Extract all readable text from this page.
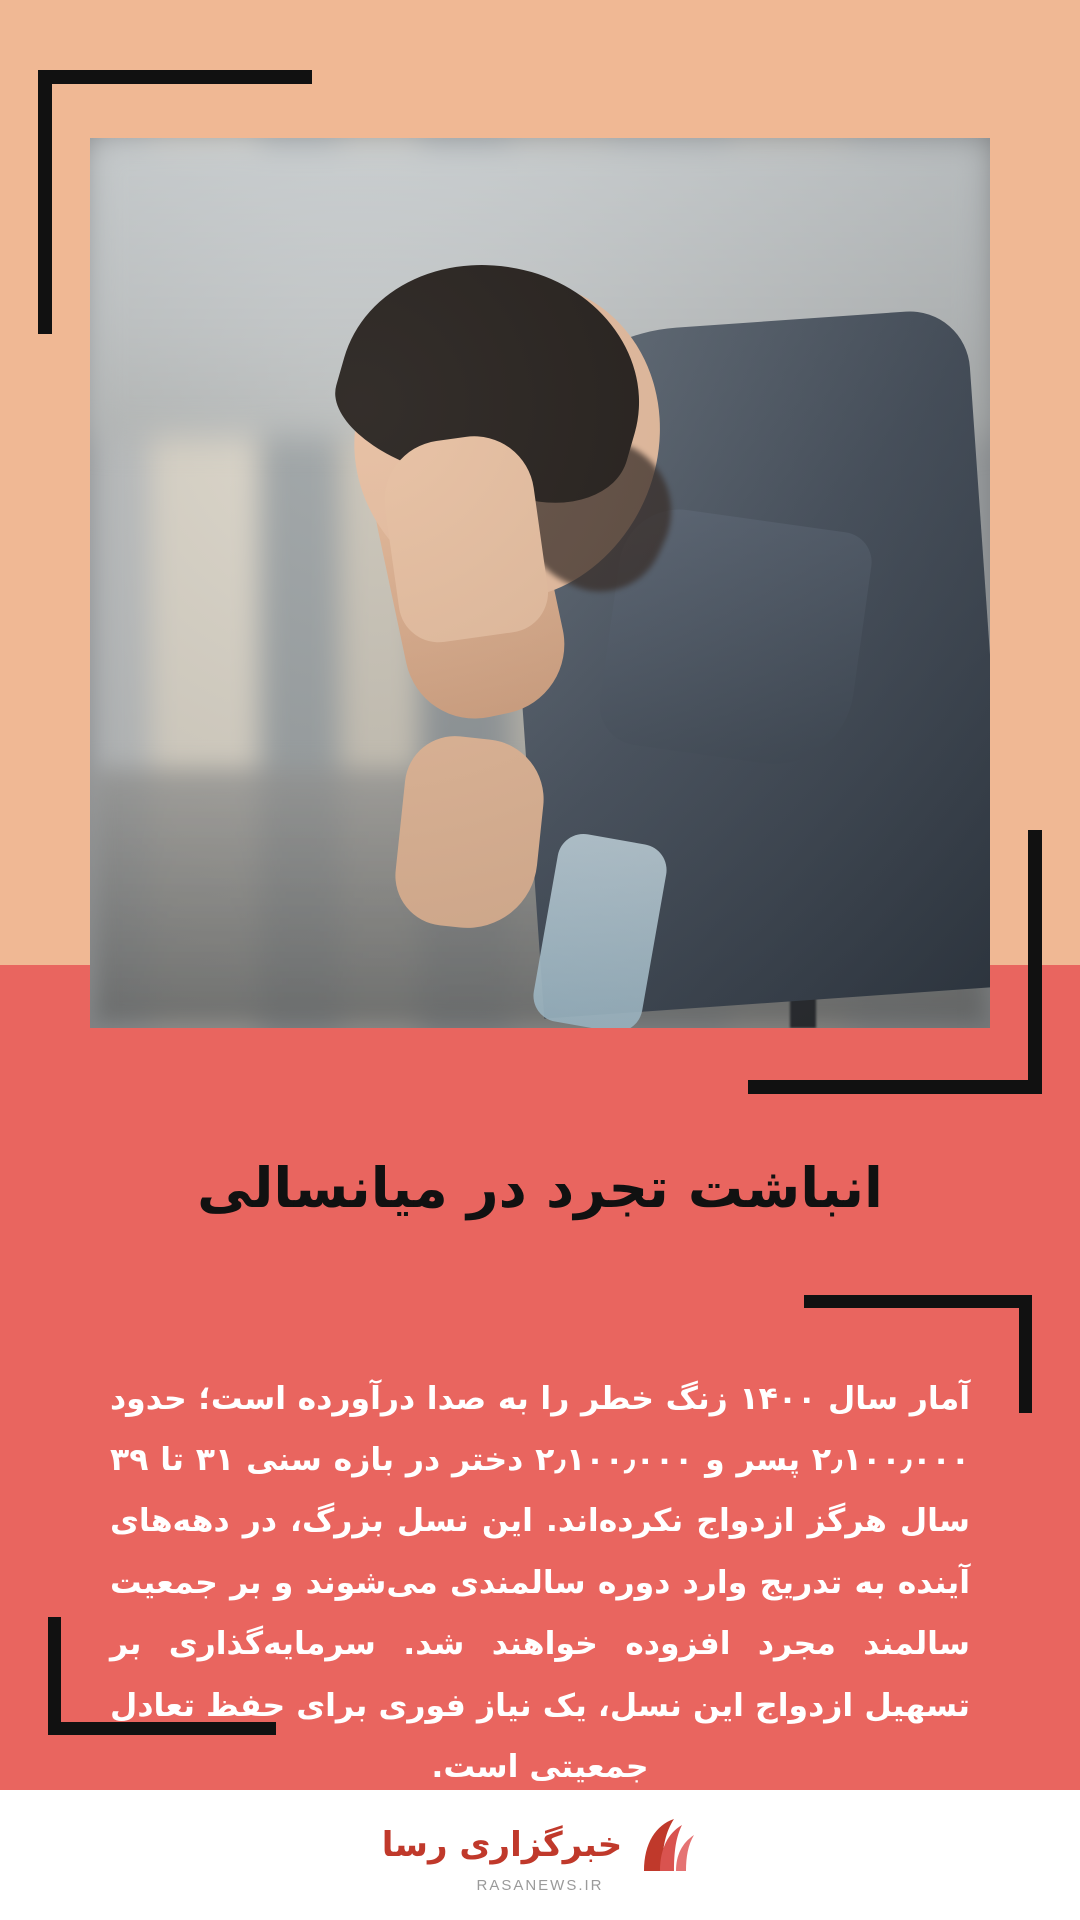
انباشت تجرد در میانسالی

آمار سال ۱۴۰۰ زنگ خطر را به صدا درآورده است؛ حدود ۲٫۱۰۰٫۰۰۰ پسر و ۲٫۱۰۰٫۰۰۰ دختر در بازه سنی ۳۱ تا ۳۹ سال هرگز ازدواج نکرده‌اند. این نسل بزرگ، در دهه‌های آینده به تدریج وارد دوره سالمندی می‌شوند و بر جمعیت سالمند مجرد افزوده خواهند شد. سرمایه‌گذاری بر تسهیل ازدواج این نسل، یک نیاز فوری برای حفظ تعادل جمعیتی است.

خبرگزاری رسا
RASANEWS.IR
